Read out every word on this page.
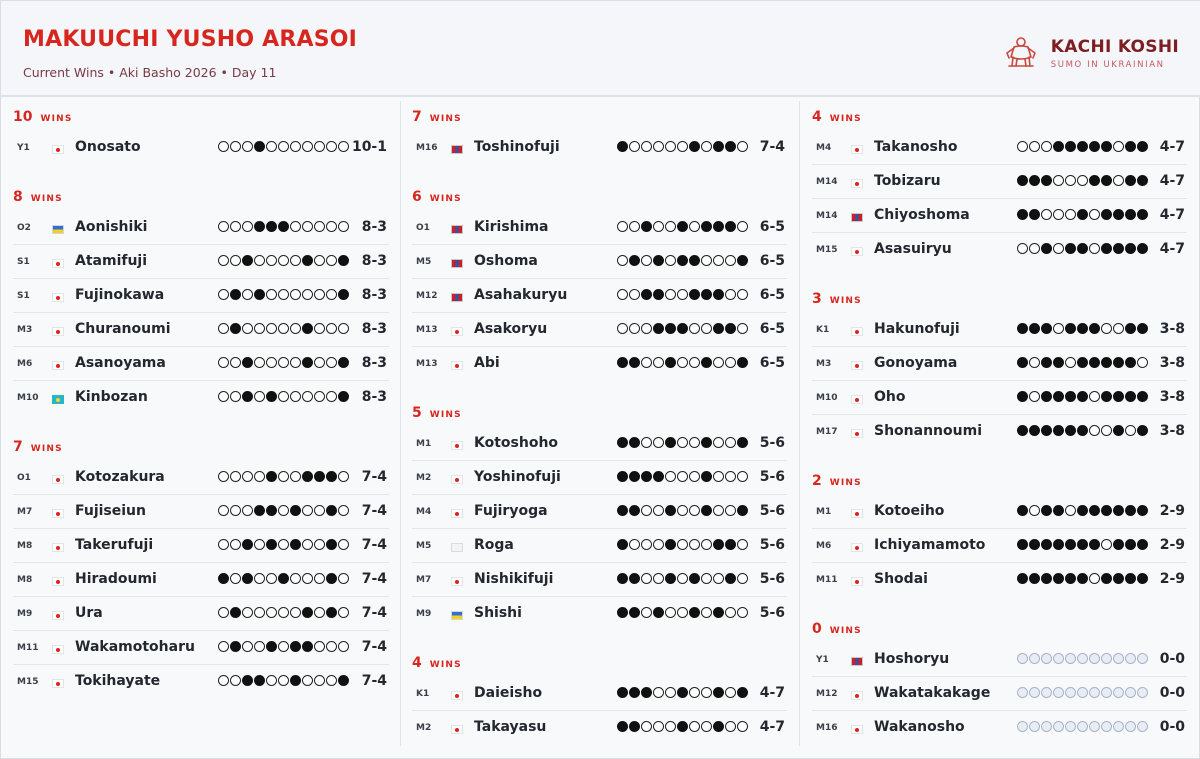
MAKUUCHI YUSHO ARASOI
Current Wins • Aki Basho 2026 • Day 11
KACHI KOSHI
SUMO IN UKRAINIAN
10 WINS
Y1	Onosato	10-1
8 WINS
O2	Aonishiki	8-3
S1	Atamifuji	8-3
S1	Fujinokawa	8-3
M3	Churanoumi	8-3
M6	Asanoyama	8-3
M10	Kinbozan	8-3
7 WINS
O1	Kotozakura	7-4
M7	Fujiseiun	7-4
M8	Takerufuji	7-4
M8	Hiradoumi	7-4
M9	Ura	7-4
M11	Wakamotoharu	7-4
M15	Tokihayate	7-4
7 WINS
M16	Toshinofuji	7-4
6 WINS
O1	Kirishima	6-5
M5	Oshoma	6-5
M12	Asahakuryu	6-5
M13	Asakoryu	6-5
M13	Abi	6-5
5 WINS
M1	Kotoshoho	5-6
M2	Yoshinofuji	5-6
M4	Fujiryoga	5-6
M5	Roga	5-6
M7	Nishikifuji	5-6
M9	Shishi	5-6
4 WINS
K1	Daieisho	4-7
M2	Takayasu	4-7
4 WINS
M4	Takanosho	4-7
M14	Tobizaru	4-7
M14	Chiyoshoma	4-7
M15	Asasuiryu	4-7
3 WINS
K1	Hakunofuji	3-8
M3	Gonoyama	3-8
M10	Oho	3-8
M17	Shonannoumi	3-8
2 WINS
M1	Kotoeiho	2-9
M6	Ichiyamamoto	2-9
M11	Shodai	2-9
0 WINS
Y1	Hoshoryu	0-0
M12	Wakatakakage	0-0
M16	Wakanosho	0-0
